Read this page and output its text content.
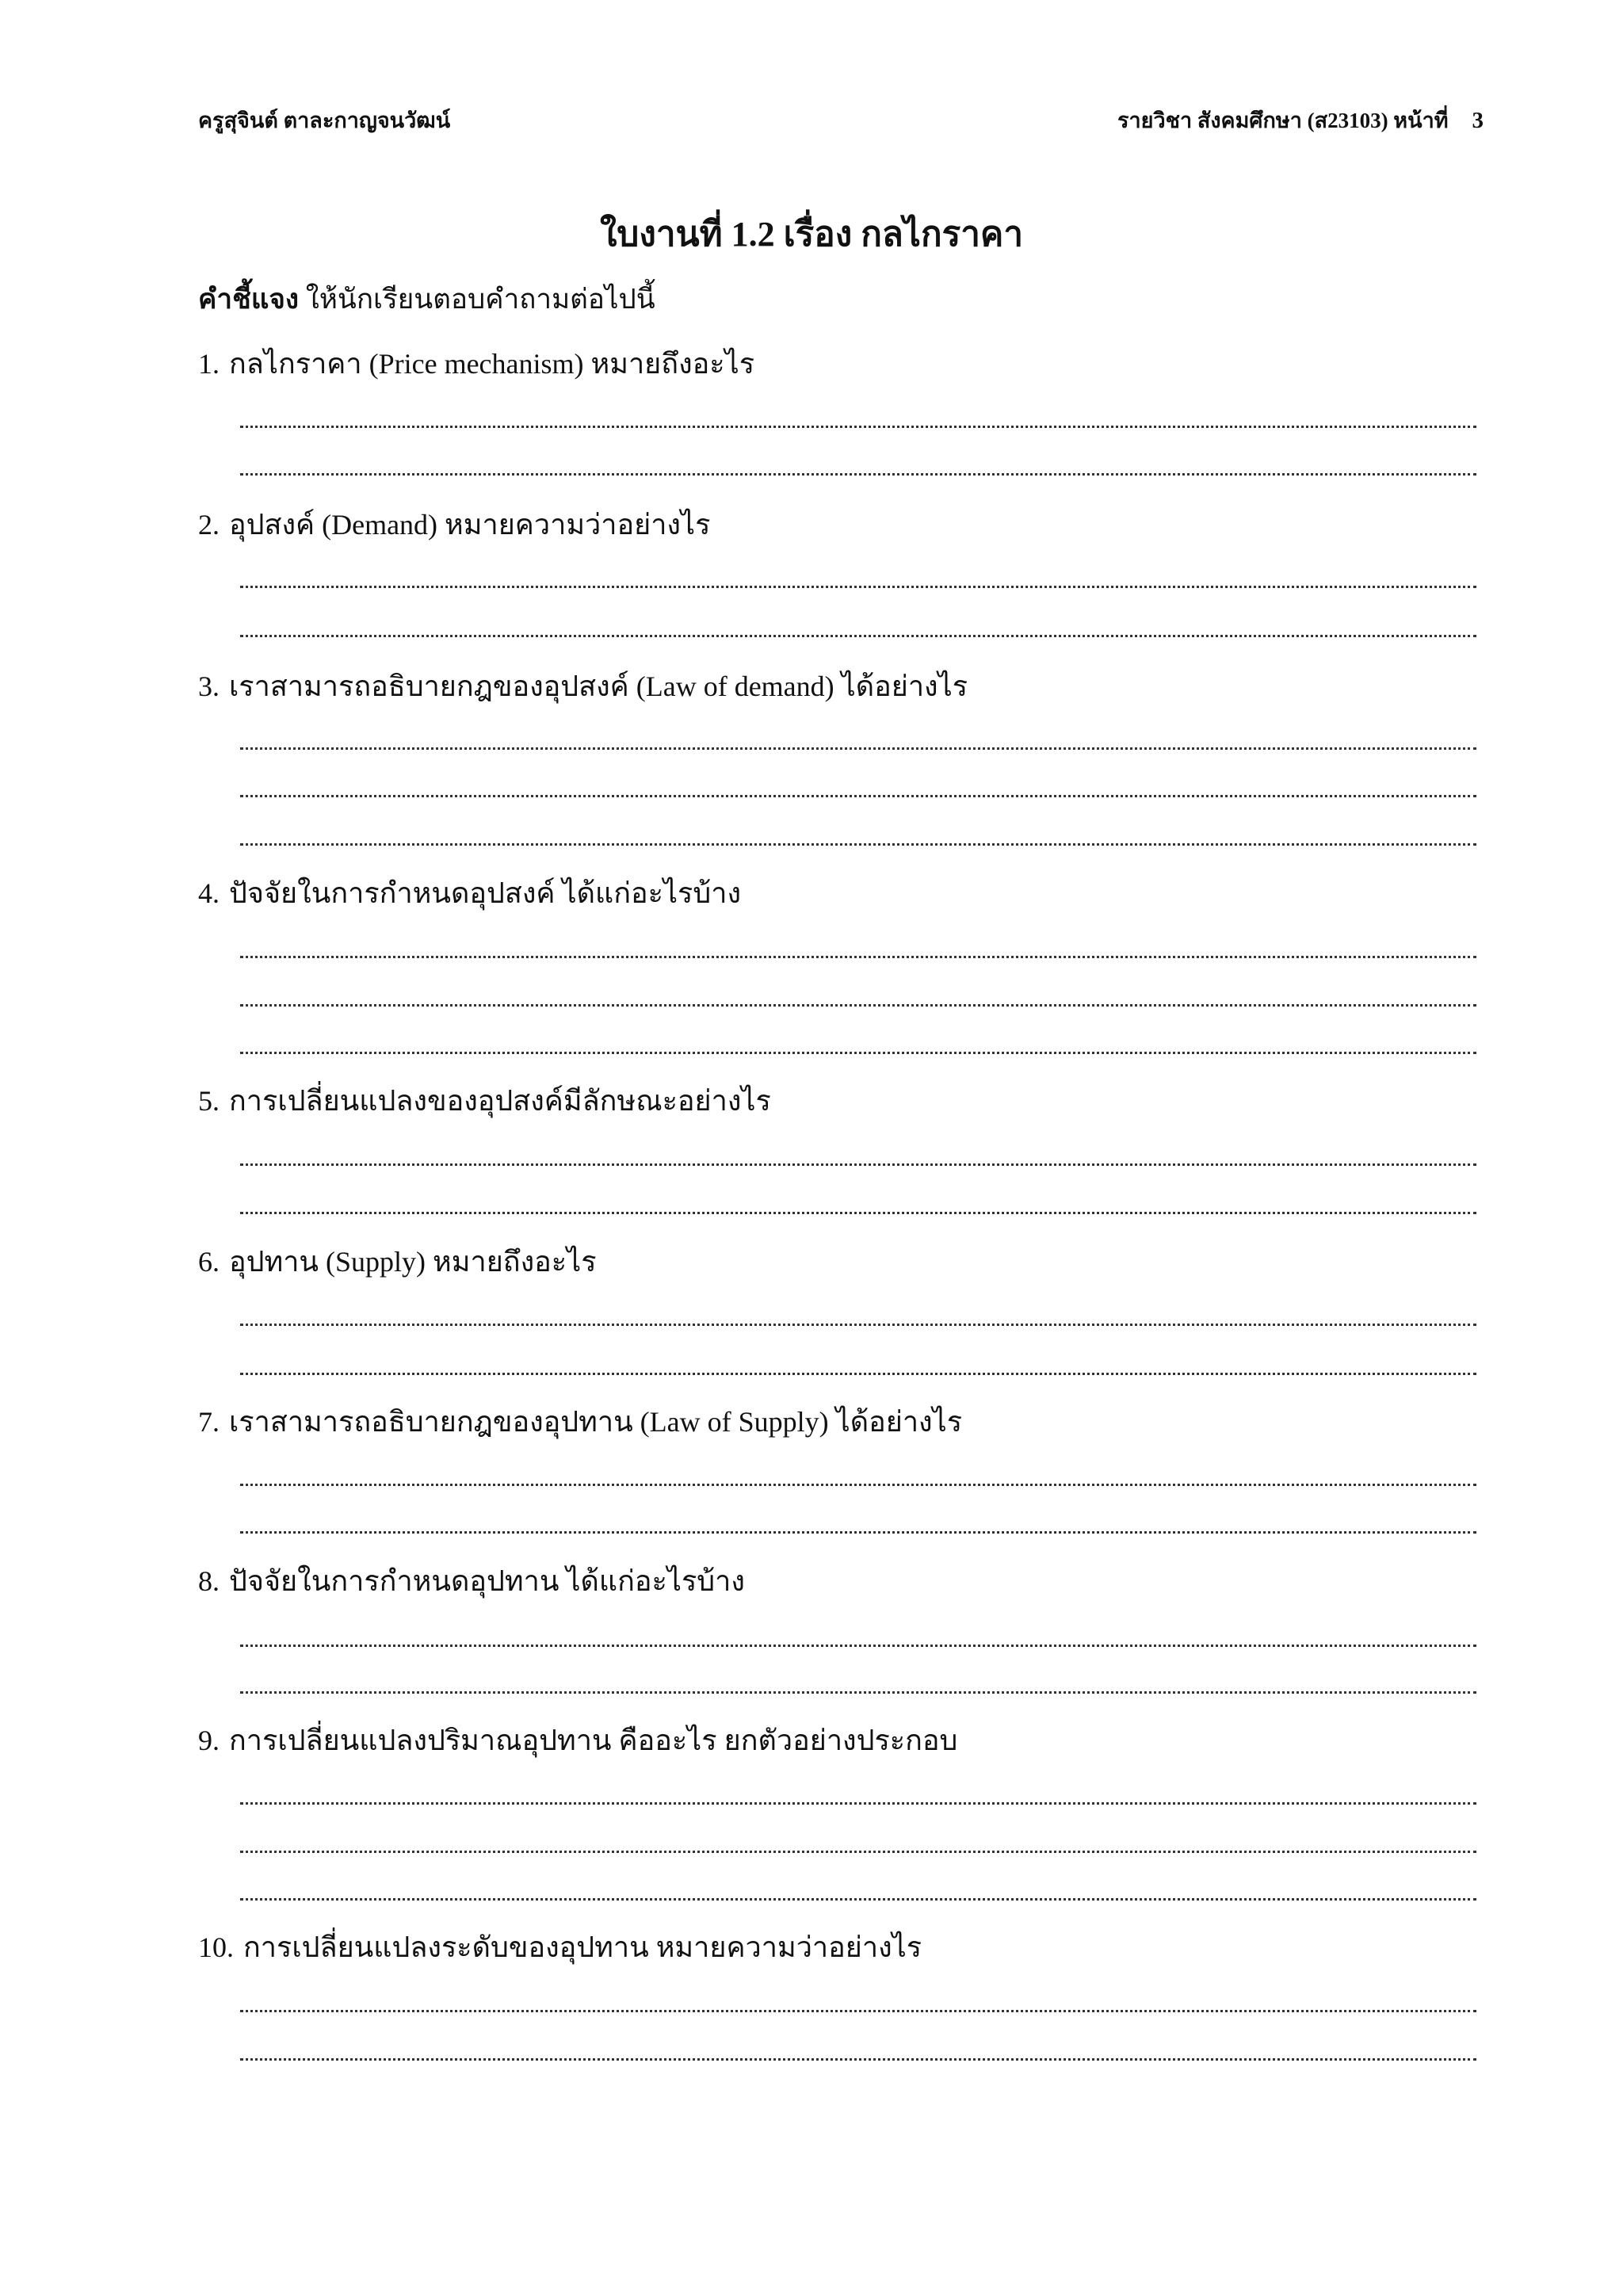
ครูสุจินต์ ตาละกาญจนวัฒน์	รายวิชา สังคมศึกษา (ส23103) หน้าที่ 3
ใบงานที่ 1.2 เรื่อง กลไกราคา
คำชี้แจง ให้นักเรียนตอบคำถามต่อไปนี้
1. กลไกราคา (Price mechanism) หมายถึงอะไร
2. อุปสงค์ (Demand) หมายความว่าอย่างไร
3. เราสามารถอธิบายกฎของอุปสงค์ (Law of demand) ได้อย่างไร
4. ปัจจัยในการกำหนดอุปสงค์ ได้แก่อะไรบ้าง
5. การเปลี่ยนแปลงของอุปสงค์มีลักษณะอย่างไร
6. อุปทาน (Supply) หมายถึงอะไร
7. เราสามารถอธิบายกฎของอุปทาน (Law of Supply) ได้อย่างไร
8. ปัจจัยในการกำหนดอุปทาน ได้แก่อะไรบ้าง
9. การเปลี่ยนแปลงปริมาณอุปทาน คืออะไร ยกตัวอย่างประกอบ
10. การเปลี่ยนแปลงระดับของอุปทาน หมายความว่าอย่างไร
